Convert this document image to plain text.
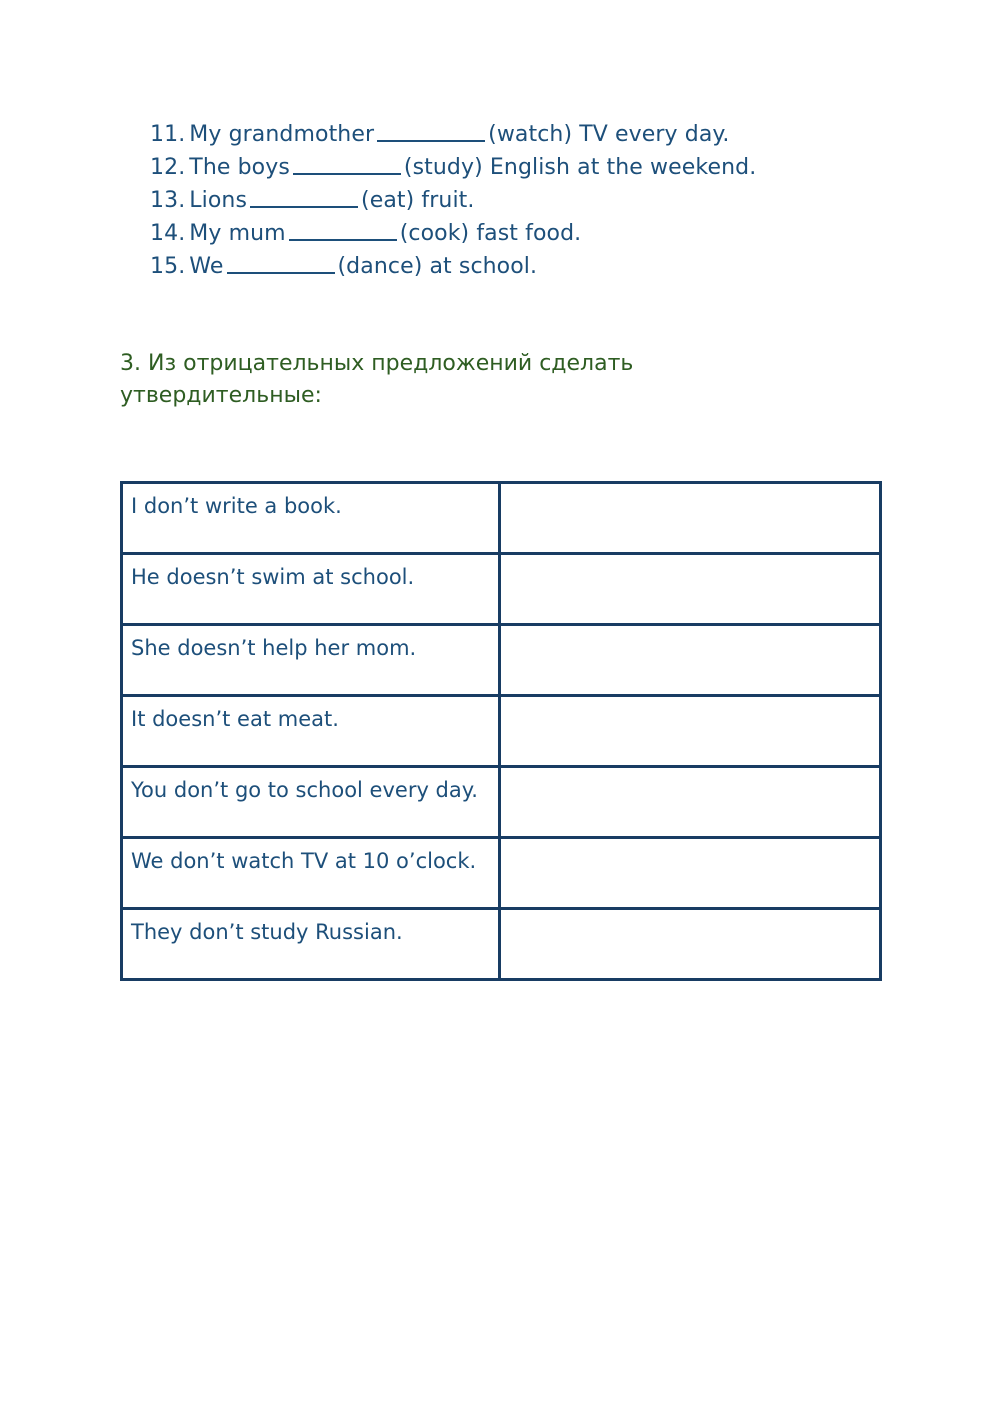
11. My grandmother	(watch) TV every day.
12. The boys	(study) English at the weekend.
13. Lions	(eat) fruit.
14. My mum	(cook) fast food.
15. We	(dance) at school.
3. Из отрицательных предложений сделать утвердительные:
I don’t write a book.	
He doesn’t swim at school.	
She doesn’t help her mom.	
It doesn’t eat meat.	
You don’t go to school every day.	
We don’t watch TV at 10 o’clock.	
They don’t study Russian.	
